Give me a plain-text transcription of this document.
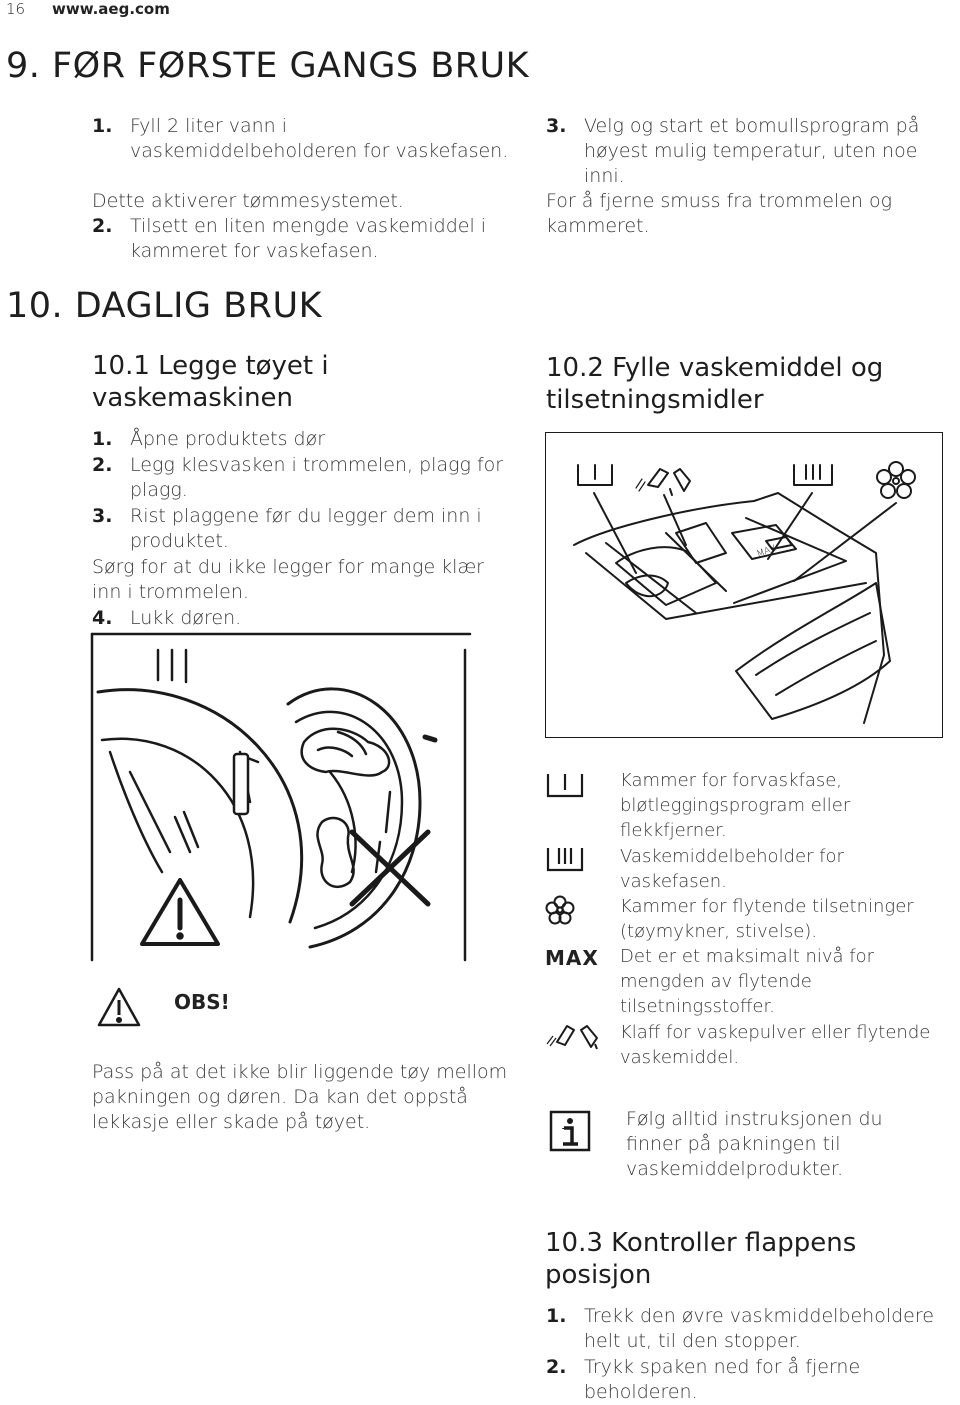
16 www.aeg.com
9. FØR FØRSTE GANGS BRUK
1. Fyll 2 liter vann i vaskemiddelbeholderen for vaskefasen.
Dette aktiverer tømmesystemet.
2. Tilsett en liten mengde vaskemiddel i kammeret for vaskefasen.
3. Velg og start et bomullsprogram på høyest mulig temperatur, uten noe inni.
For å fjerne smuss fra trommelen og kammeret.
10. DAGLIG BRUK
10.1 Legge tøyet i vaskemaskinen
1. Åpne produktets dør
2. Legg klesvasken i trommelen, plagg for plagg.
3. Rist plaggene før du legger dem inn i produktet.
Sørg for at du ikke legger for mange klær inn i trommelen.
4. Lukk døren.
OBS!
Pass på at det ikke blir liggende tøy mellom pakningen og døren. Da kan det oppstå lekkasje eller skade på tøyet.
10.2 Fylle vaskemiddel og tilsetningsmidler
MAX
Kammer for forvaskfase, bløtleggingsprogram eller flekkfjerner.
Vaskemiddelbeholder for vaskefasen.
Kammer for flytende tilsetninger (tøymykner, stivelse).
MAX Det er et maksimalt nivå for mengden av flytende tilsetningsstoffer.
Klaff for vaskepulver eller flytende vaskemiddel.
Følg alltid instruksjonen du finner på pakningen til vaskemiddelprodukter.
10.3 Kontroller flappens posisjon
1. Trekk den øvre vaskmiddelbeholdere helt ut, til den stopper.
2. Trykk spaken ned for å fjerne beholderen.
